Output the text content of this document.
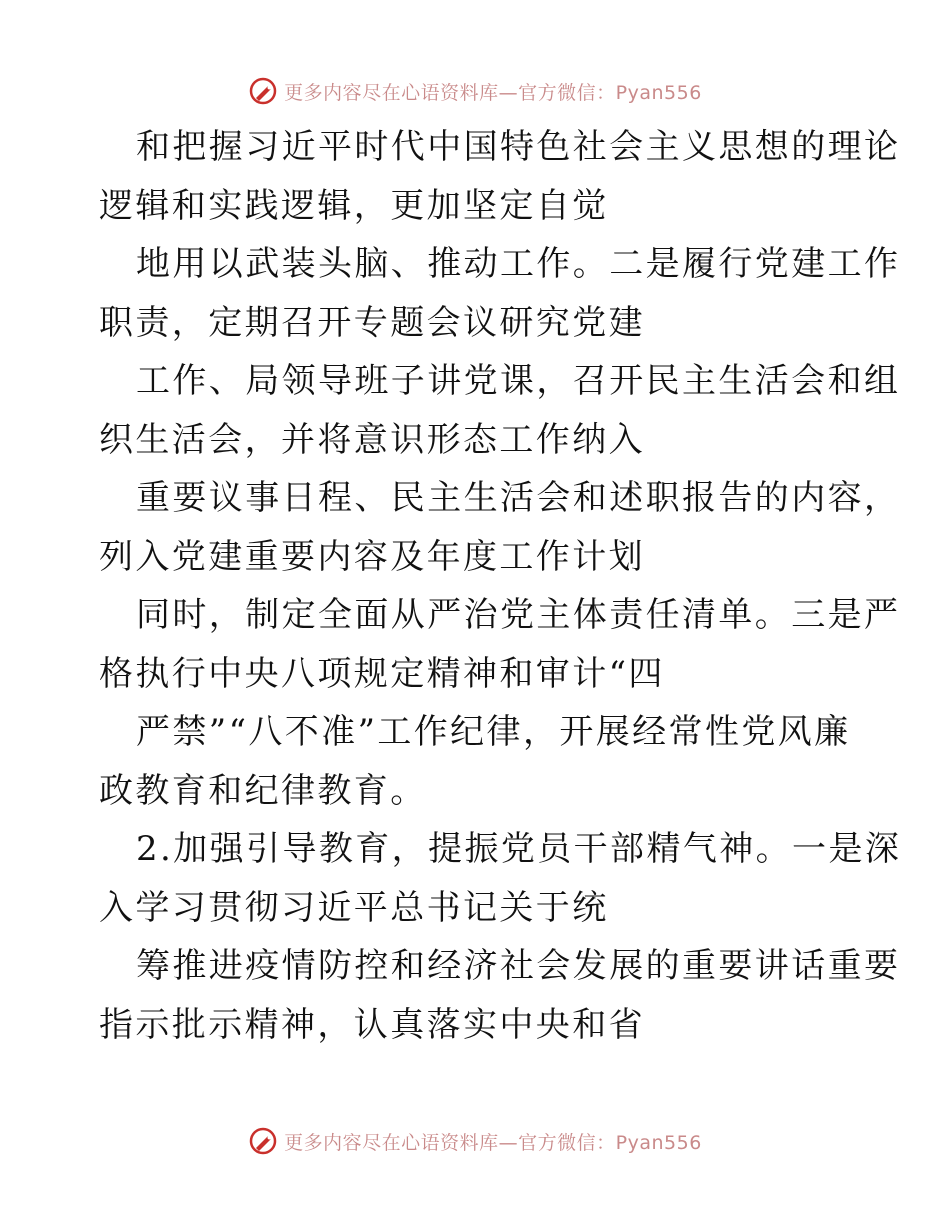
更多内容尽在心语资料库—官方微信：Pyan556

和把握习近平时代中国特色社会主义思想的理论
逻辑和实践逻辑，更加坚定自觉

地用以武装头脑、推动工作。二是履行党建工作
职责，定期召开专题会议研究党建

工作、局领导班子讲党课，召开民主生活会和组
织生活会，并将意识形态工作纳入

重要议事日程、民主生活会和述职报告的内容，
列入党建重要内容及年度工作计划

同时，制定全面从严治党主体责任清单。三是严
格执行中央八项规定精神和审计“四

严禁”“八不准”工作纪律，开展经常性党风廉
政教育和纪律教育。

2.加强引导教育，提振党员干部精气神。一是深
入学习贯彻习近平总书记关于统

筹推进疫情防控和经济社会发展的重要讲话重要
指示批示精神，认真落实中央和省

更多内容尽在心语资料库—官方微信：Pyan556
